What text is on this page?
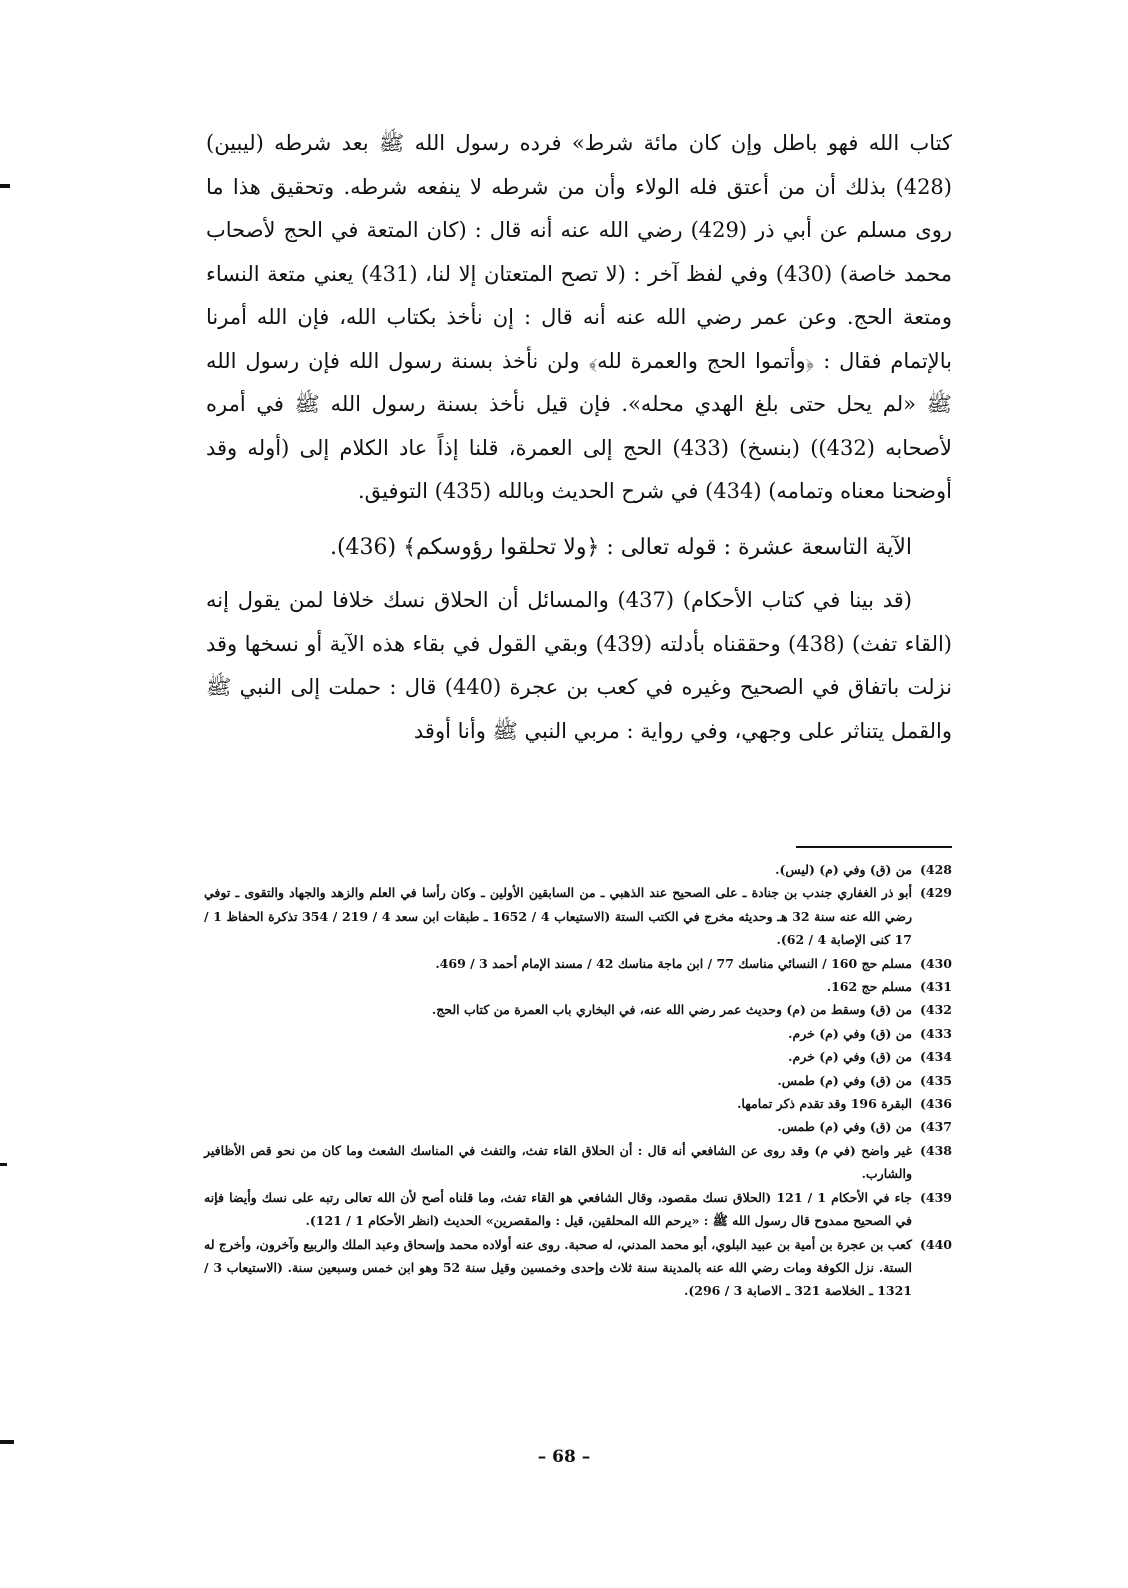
كتاب الله فهو باطل وإن كان مائة شرط» فرده رسول الله ﷺ بعد شرطه (ليبين) (428) بذلك أن من أعتق فله الولاء وأن من شرطه لا ينفعه شرطه. وتحقيق هذا ما روى مسلم عن أبي ذر (429) رضي الله عنه أنه قال : (كان المتعة في الحج لأصحاب محمد خاصة) (430) وفي لفظ آخر : (لا تصح المتعتان إلا لنا، (431) يعني متعة النساء ومتعة الحج. وعن عمر رضي الله عنه أنه قال : إن نأخذ بكتاب الله، فإن الله أمرنا بالإتمام فقال : ﴿وأتموا الحج والعمرة لله﴾ ولن نأخذ بسنة رسول الله فإن رسول الله ﷺ «لم يحل حتى بلغ الهدي محله». فإن قيل نأخذ بسنة رسول الله ﷺ في أمره لأصحابه (432)) (بنسخ) (433) الحج إلى العمرة، قلنا إذاً عاد الكلام إلى (أوله وقد أوضحنا معناه وتمامه) (434) في شرح الحديث وبالله (435) التوفيق.

الآية التاسعة عشرة : قوله تعالى : ﴿ولا تحلقوا رؤوسكم﴾ (436).

(قد بينا في كتاب الأحكام) (437) والمسائل أن الحلاق نسك خلافا لمن يقول إنه (القاء تفث) (438) وحققناه بأدلته (439) وبقي القول في بقاء هذه الآية أو نسخها وقد نزلت باتفاق في الصحيح وغيره في كعب بن عجرة (440) قال : حملت إلى النبي ﷺ والقمل يتناثر على وجهي، وفي رواية : مربي النبي ﷺ وأنا أوقد

428)
من (ق) وفي (م) (ليس).
429)
أبو ذر الغفاري جندب بن جنادة ـ على الصحيح عند الذهبي ـ من السابقين الأولين ـ وكان رأسا في العلم والزهد والجهاد والتقوى ـ توفي رضي الله عنه سنة 32 هـ وحديثه مخرج في الكتب الستة (الاستيعاب 4 / 1652 ـ طبقات ابن سعد 4 / 219 / 354 تذكرة الحفاظ 1 / 17 كنى الإصابة 4 / 62).
430)
مسلم حج 160 / النسائي مناسك 77 / ابن ماجة مناسك 42 / مسند الإمام أحمد 3 / 469.
431)
مسلم حج 162.
432)
من (ق) وسقط من (م) وحديث عمر رضي الله عنه، في البخاري باب العمرة من كتاب الحج.
433)
من (ق) وفي (م) خرم.
434)
من (ق) وفي (م) خرم.
435)
من (ق) وفي (م) طمس.
436)
البقرة 196 وقد تقدم ذكر تمامها.
437)
من (ق) وفي (م) طمس.
438)
غير واضح (في م) وقد روى عن الشافعي أنه قال : أن الحلاق القاء تفث، والتفث في المناسك الشعث وما كان من نحو قص الأظافير والشارب.
439)
جاء في الأحكام 1 / 121 (الحلاق نسك مقصود، وقال الشافعي هو القاء تفث، وما قلناه أصح لأن الله تعالى رتبه على نسك وأيضا فإنه في الصحيح ممدوح قال رسول الله ﷺ : «يرحم الله المحلقين، قيل : والمقصرين» الحديث (انظر الأحكام 1 / 121).
440)
كعب بن عجرة بن أمية بن عبيد البلوي، أبو محمد المدني، له صحبة. روى عنه أولاده محمد وإسحاق وعبد الملك والربيع وآخرون، وأخرج له الستة. نزل الكوفة ومات رضي الله عنه بالمدينة سنة ثلاث وإحدى وخمسين وقيل سنة 52 وهو ابن خمس وسبعين سنة. (الاستيعاب 3 / 1321 ـ الخلاصة 321 ـ الاصابة 3 / 296).
– 68 –
